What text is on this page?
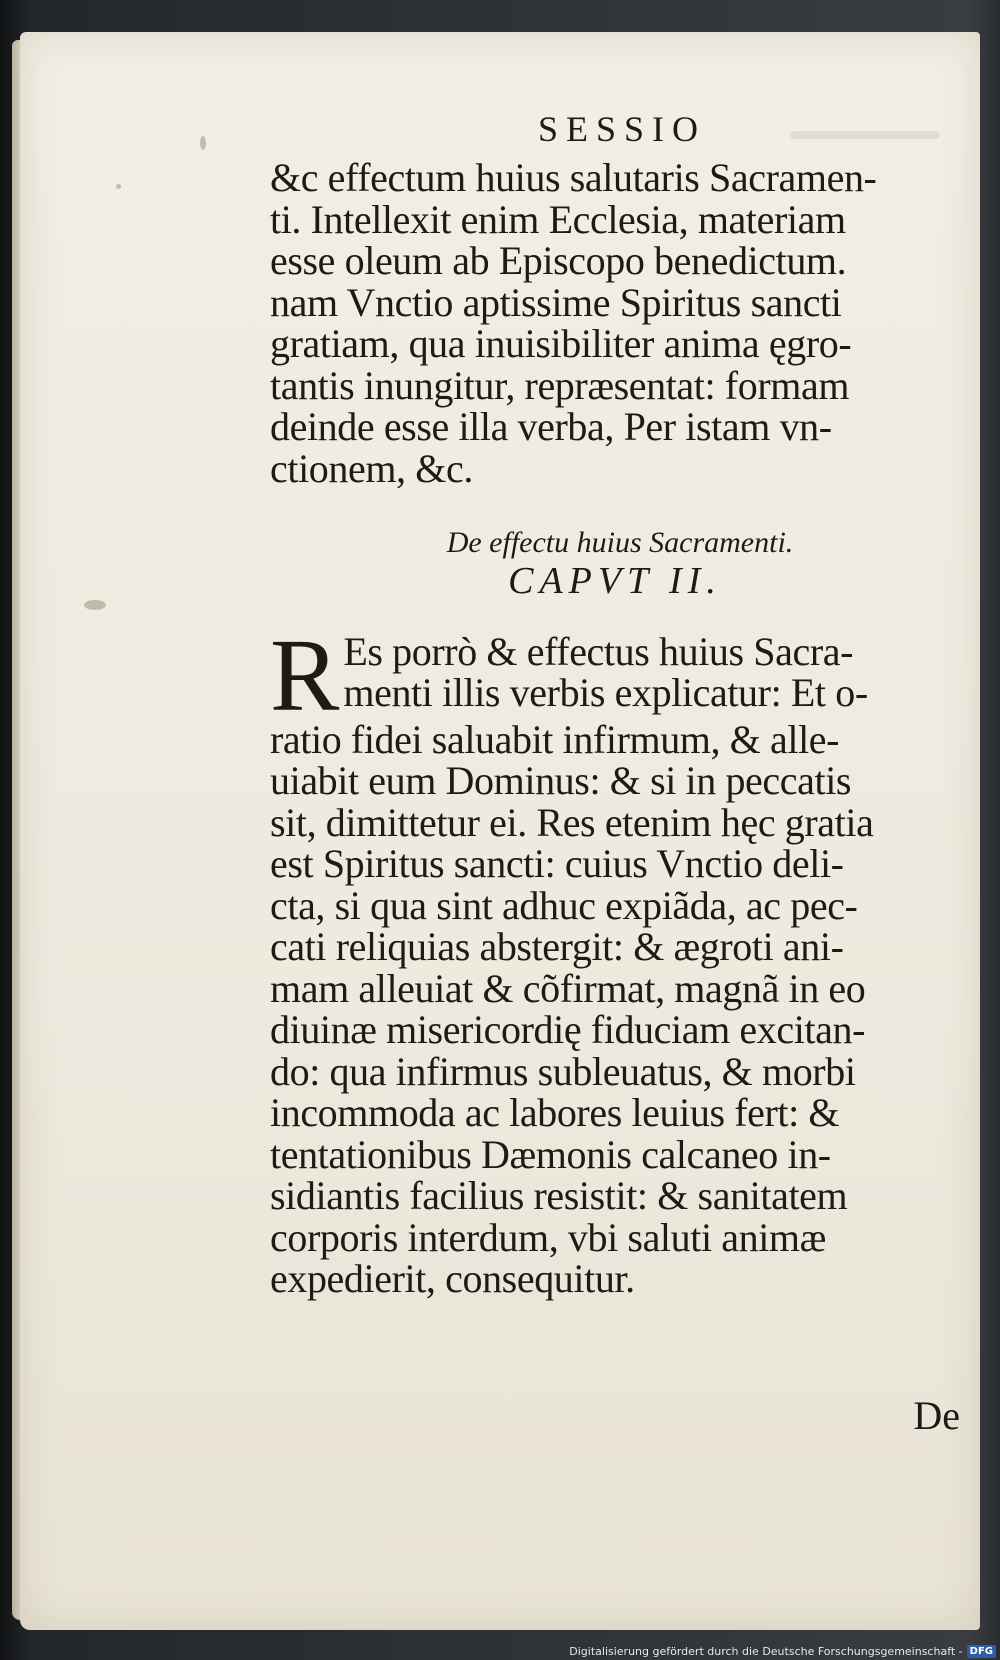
SESSIO
&c effectum huius salutaris Sacramen-
ti. Intellexit enim Ecclesia, materiam
esse oleum ab Episcopo benedictum.
nam Vnctio aptissime Spiritus sancti
gratiam, qua inuisibiliter anima ęgro-
tantis inungitur, repræsentat: formam
deinde esse illa verba, Per istam vn-
ctionem, &c.
De effectu huius Sacramenti.
CAPVT II.
R Es porrò & effectus huius Sacra-
menti illis verbis explicatur: Et o-
ratio fidei saluabit infirmum, & alle-
uiabit eum Dominus: & si in peccatis
sit, dimittetur ei. Res etenim hęc gratia
est Spiritus sancti: cuius Vnctio deli-
cta, si qua sint adhuc expiãda, ac pec-
cati reliquias abstergit: & ægroti ani-
mam alleuiat & cõfirmat, magnã in eo
diuinæ misericordię fiduciam excitan-
do: qua infirmus subleuatus, & morbi
incommoda ac labores leuius fert: &
tentationibus Dæmonis calcaneo in-
sidiantis facilius resistit: & sanitatem
corporis interdum, vbi saluti animæ
expedierit, consequitur.
De
Digitalisierung gefördert durch die Deutsche Forschungsgemeinschaft - DFG
